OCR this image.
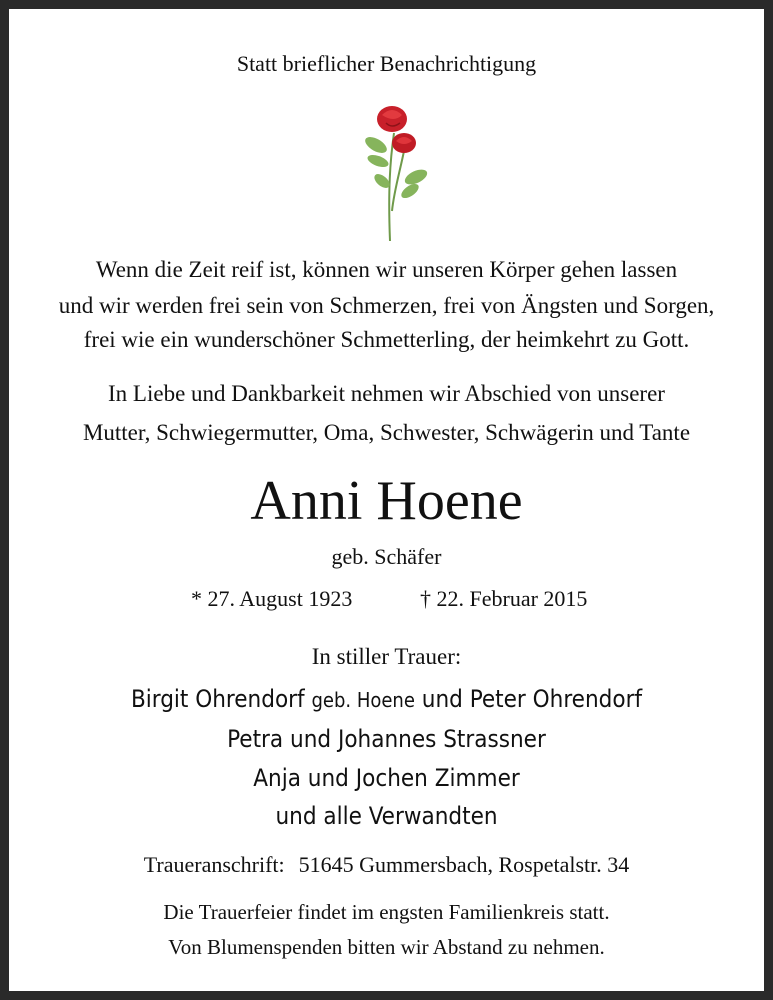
Statt brieflicher Benachrichtigung
Wenn die Zeit reif ist, können wir unseren Körper gehen lassen
und wir werden frei sein von Schmerzen, frei von Ängsten und Sorgen,
frei wie ein wunderschöner Schmetterling, der heimkehrt zu Gott.
In Liebe und Dankbarkeit nehmen wir Abschied von unserer
Mutter, Schwiegermutter, Oma, Schwester, Schwägerin und Tante
Anni Hoene
geb. Schäfer
* 27. August 1923	† 22. Februar 2015
In stiller Trauer:
Birgit Ohrendorf geb. Hoene und Peter Ohrendorf
Petra und Johannes Strassner
Anja und Jochen Zimmer
und alle Verwandten
Traueranschrift: 51645 Gummersbach, Rospetalstr. 34
Die Trauerfeier findet im engsten Familienkreis statt.
Von Blumenspenden bitten wir Abstand zu nehmen.
